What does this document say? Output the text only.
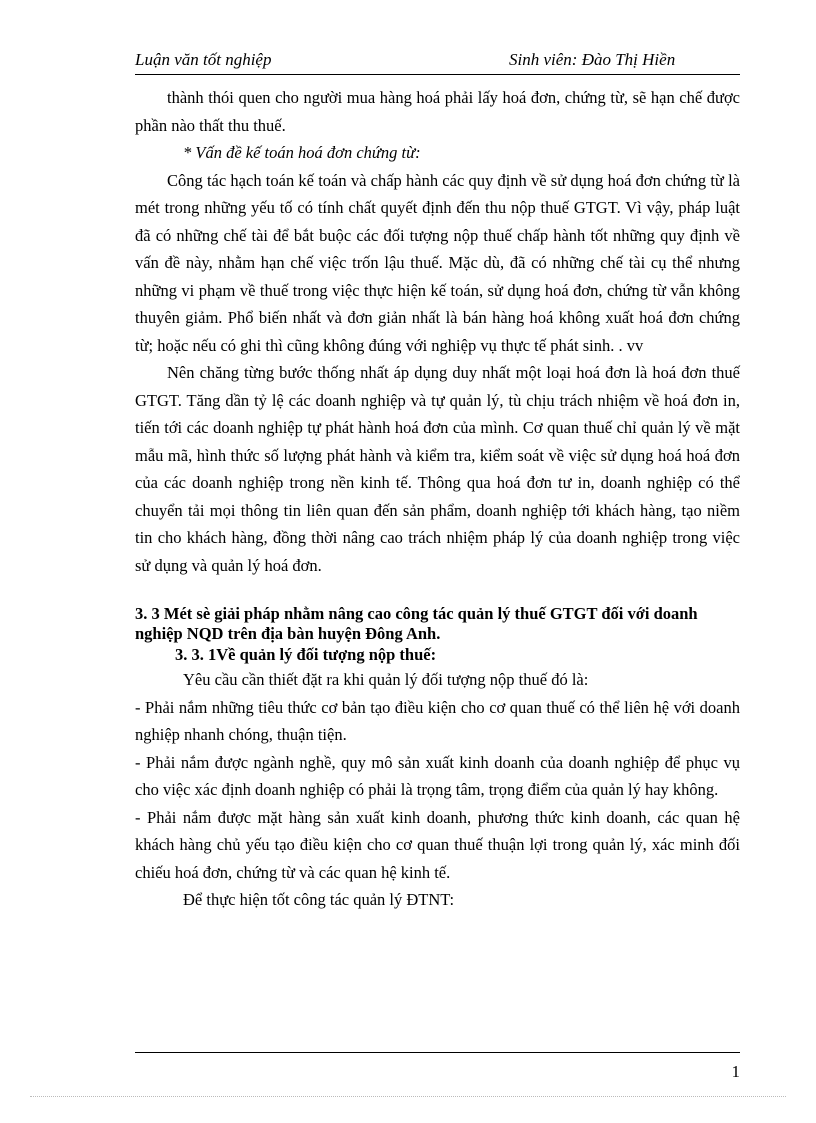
Luận văn tốt nghiệp	Sinh viên: Đào Thị Hiền

thành thói quen cho người mua hàng hoá phải lấy hoá đơn, chứng từ, sẽ hạn chế được phần nào thất thu thuế.

* Vấn đề kế toán hoá đơn chứng từ:

Công tác hạch toán kế toán và chấp hành các quy định về sử dụng hoá đơn chứng từ là mét trong những yếu tố có tính chất quyết định đến thu nộp thuế GTGT. Vì vậy, pháp luật đã có những chế tài để bắt buộc các đối tượng nộp thuế chấp hành tốt những quy định về vấn đề này, nhằm hạn chế việc trốn lậu thuế. Mặc dù, đã có những chế tài cụ thể nhưng những vi phạm về thuế trong việc thực hiện kế toán, sử dụng hoá đơn, chứng từ vẫn không thuyên giảm. Phổ biến nhất và đơn giản nhất là bán hàng hoá không xuất hoá đơn chứng từ; hoặc nếu có ghi thì cũng không đúng với nghiệp vụ thực tế phát sinh. . vv

Nên chăng từng bước thống nhất áp dụng duy nhất một loại hoá đơn là hoá đơn thuế GTGT. Tăng dần tỷ lệ các doanh nghiệp và tự quản lý, tù chịu trách nhiệm về hoá đơn in, tiến tới các doanh nghiệp tự phát hành hoá đơn của mình. Cơ quan thuế chỉ quản lý về mặt mẫu mã, hình thức số lượng phát hành và kiểm tra, kiểm soát về việc sử dụng hoá hoá đơn của các doanh nghiệp trong nền kinh tế. Thông qua hoá đơn tư in, doanh nghiệp có thể chuyển tải mọi thông tin liên quan đến sản phẩm, doanh nghiệp tới khách hàng, tạo niềm tin cho khách hàng, đồng thời nâng cao trách nhiệm pháp lý của doanh nghiệp trong việc sử dụng và quản lý hoá đơn.

3. 3 Mét sè giải pháp nhằm nâng cao công tác quản lý thuế GTGT đối với doanh nghiệp NQD trên địa bàn huyện Đông Anh.

3. 3. 1Về quản lý đối tượng nộp thuế:

Yêu cầu cần thiết đặt ra khi quản lý đối tượng nộp thuế đó là:

- Phải nắm những tiêu thức cơ bản tạo điều kiện cho cơ quan thuế có thể liên hệ với doanh nghiệp nhanh chóng, thuận tiện.

- Phải nắm được ngành nghề, quy mô sản xuất kinh doanh của doanh nghiệp để phục vụ cho việc xác định doanh nghiệp có phải là trọng tâm, trọng điểm của quản lý hay không.

- Phải nắm được mặt hàng sản xuất kinh doanh, phương thức kinh doanh, các quan hệ khách hàng chủ yếu tạo điều kiện cho cơ quan thuế thuận lợi trong quản lý, xác minh đối chiếu hoá đơn, chứng từ và các quan hệ kinh tế.

Để thực hiện tốt công tác quản lý ĐTNT:

1
